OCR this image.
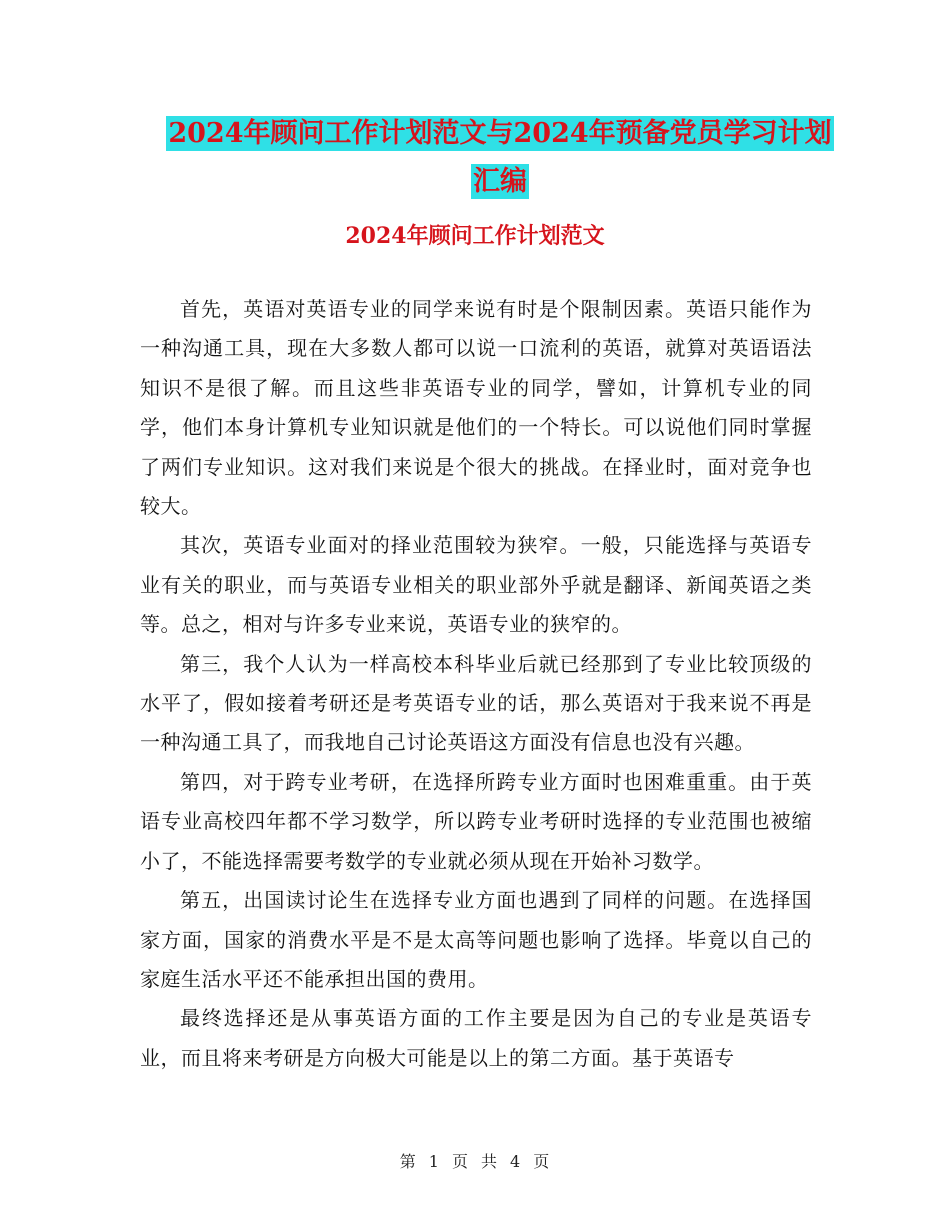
2024年顾问工作计划范文与2024年预备党员学习计划
汇编
2024年顾问工作计划范文

首先，英语对英语专业的同学来说有时是个限制因素。英语只能作为一种沟通工具，现在大多数人都可以说一口流利的英语，就算对英语语法知识不是很了解。而且这些非英语专业的同学，譬如，计算机专业的同学，他们本身计算机专业知识就是他们的一个特长。可以说他们同时掌握了两们专业知识。这对我们来说是个很大的挑战。在择业时，面对竞争也较大。

其次，英语专业面对的择业范围较为狭窄。一般，只能选择与英语专业有关的职业，而与英语专业相关的职业部外乎就是翻译、新闻英语之类等。总之，相对与许多专业来说，英语专业的狭窄的。

第三，我个人认为一样高校本科毕业后就已经那到了专业比较顶级的水平了，假如接着考研还是考英语专业的话，那么英语对于我来说不再是一种沟通工具了，而我地自己讨论英语这方面没有信息也没有兴趣。

第四，对于跨专业考研，在选择所跨专业方面时也困难重重。由于英语专业高校四年都不学习数学，所以跨专业考研时选择的专业范围也被缩小了，不能选择需要考数学的专业就必须从现在开始补习数学。

第五，出国读讨论生在选择专业方面也遇到了同样的问题。在选择国家方面，国家的消费水平是不是太高等问题也影响了选择。毕竟以自己的家庭生活水平还不能承担出国的费用。

最终选择还是从事英语方面的工作主要是因为自己的专业是英语专业，而且将来考研是方向极大可能是以上的第二方面。基于英语专

第 1 页 共 4 页
